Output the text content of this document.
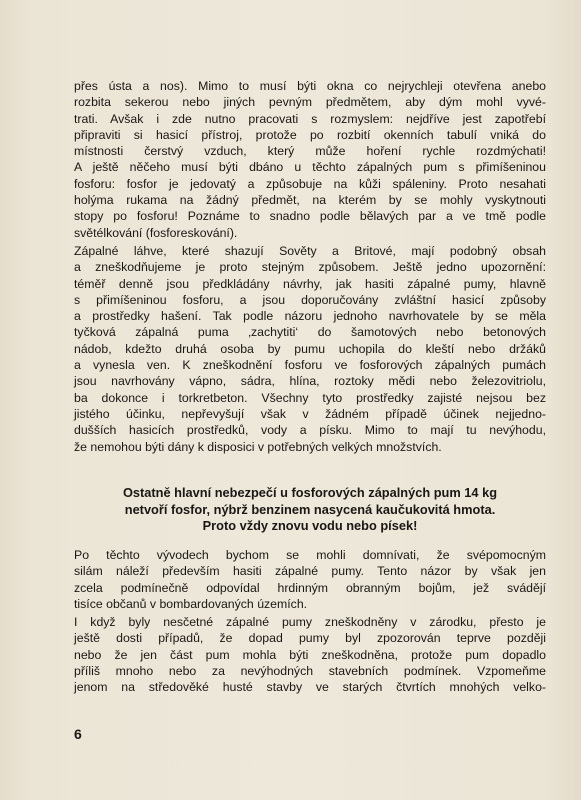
přes ústa a nos). Mimo to musí býti okna co nejrychleji otevřena anebo
rozbita sekerou nebo jiných pevným předmětem, aby dým mohl vyvé-
trati. Avšak i zde nutno pracovati s rozmyslem: nejdříve jest zapotřebí
připraviti si hasicí přístroj, protože po rozbití okenních tabulí vniká do
místnosti čerstvý vzduch, který může hoření rychle rozdmýchati!
A ještě něčeho musí býti dbáno u těchto zápalných pum s přimíšeninou
fosforu: fosfor je jedovatý a způsobuje na kůži spáleniny. Proto nesahati
holýma rukama na žádný předmět, na kterém by se mohly vyskytnouti
stopy po fosforu! Poznáme to snadno podle bělavých par a ve tmě podle
světélkování (fosforeskování).
Zápalné láhve, které shazují Sověty a Britové, mají podobný obsah
a zneškodňujeme je proto stejným způsobem. Ještě jedno upozornění:
téměř denně jsou předkládány návrhy, jak hasiti zápalné pumy, hlavně
s přimíšeninou fosforu, a jsou doporučovány zvláštní hasicí způsoby
a prostředky hašení. Tak podle názoru jednoho navrhovatele by se měla
tyčková zápalná puma ‚zachytiti‘ do šamotových nebo betonových
nádob, kdežto druhá osoba by pumu uchopila do kleští nebo držáků
a vynesla ven. K zneškodnění fosforu ve fosforových zápalných pumách
jsou navrhovány vápno, sádra, hlína, roztoky mědi nebo železovitriolu,
ba dokonce i torkretbeton. Všechny tyto prostředky zajisté nejsou bez
jistého účinku, nepřevyšují však v žádném případě účinek nejjedno-
dušších hasicích prostředků, vody a písku. Mimo to mají tu nevýhodu,
že nemohou býti dány k disposici v potřebných velkých množstvích.
Ostatně hlavní nebezpečí u fosforových zápalných pum 14 kg
netvoří fosfor, nýbrž benzinem nasycená kaučukovitá hmota.
Proto vždy znovu vodu nebo písek!
Po těchto vývodech bychom se mohli domnívati, že svépomocným
silám náleží především hasiti zápalné pumy. Tento názor by však jen
zcela podmínečně odpovídal hrdinným obranným bojům, jež svádějí
tisíce občanů v bombardovaných územích.
I když byly nesčetné zápalné pumy zneškodněny v zárodku, přesto je
ještě dosti případů, že dopad pumy byl zpozorován teprve později
nebo že jen část pum mohla býti zneškodněna, protože pum dopadlo
příliš mnoho nebo za nevýhodných stavebních podmínek. Vzpomeňme
jenom na středověké husté stavby ve starých čtvrtích mnohých velko-
6
